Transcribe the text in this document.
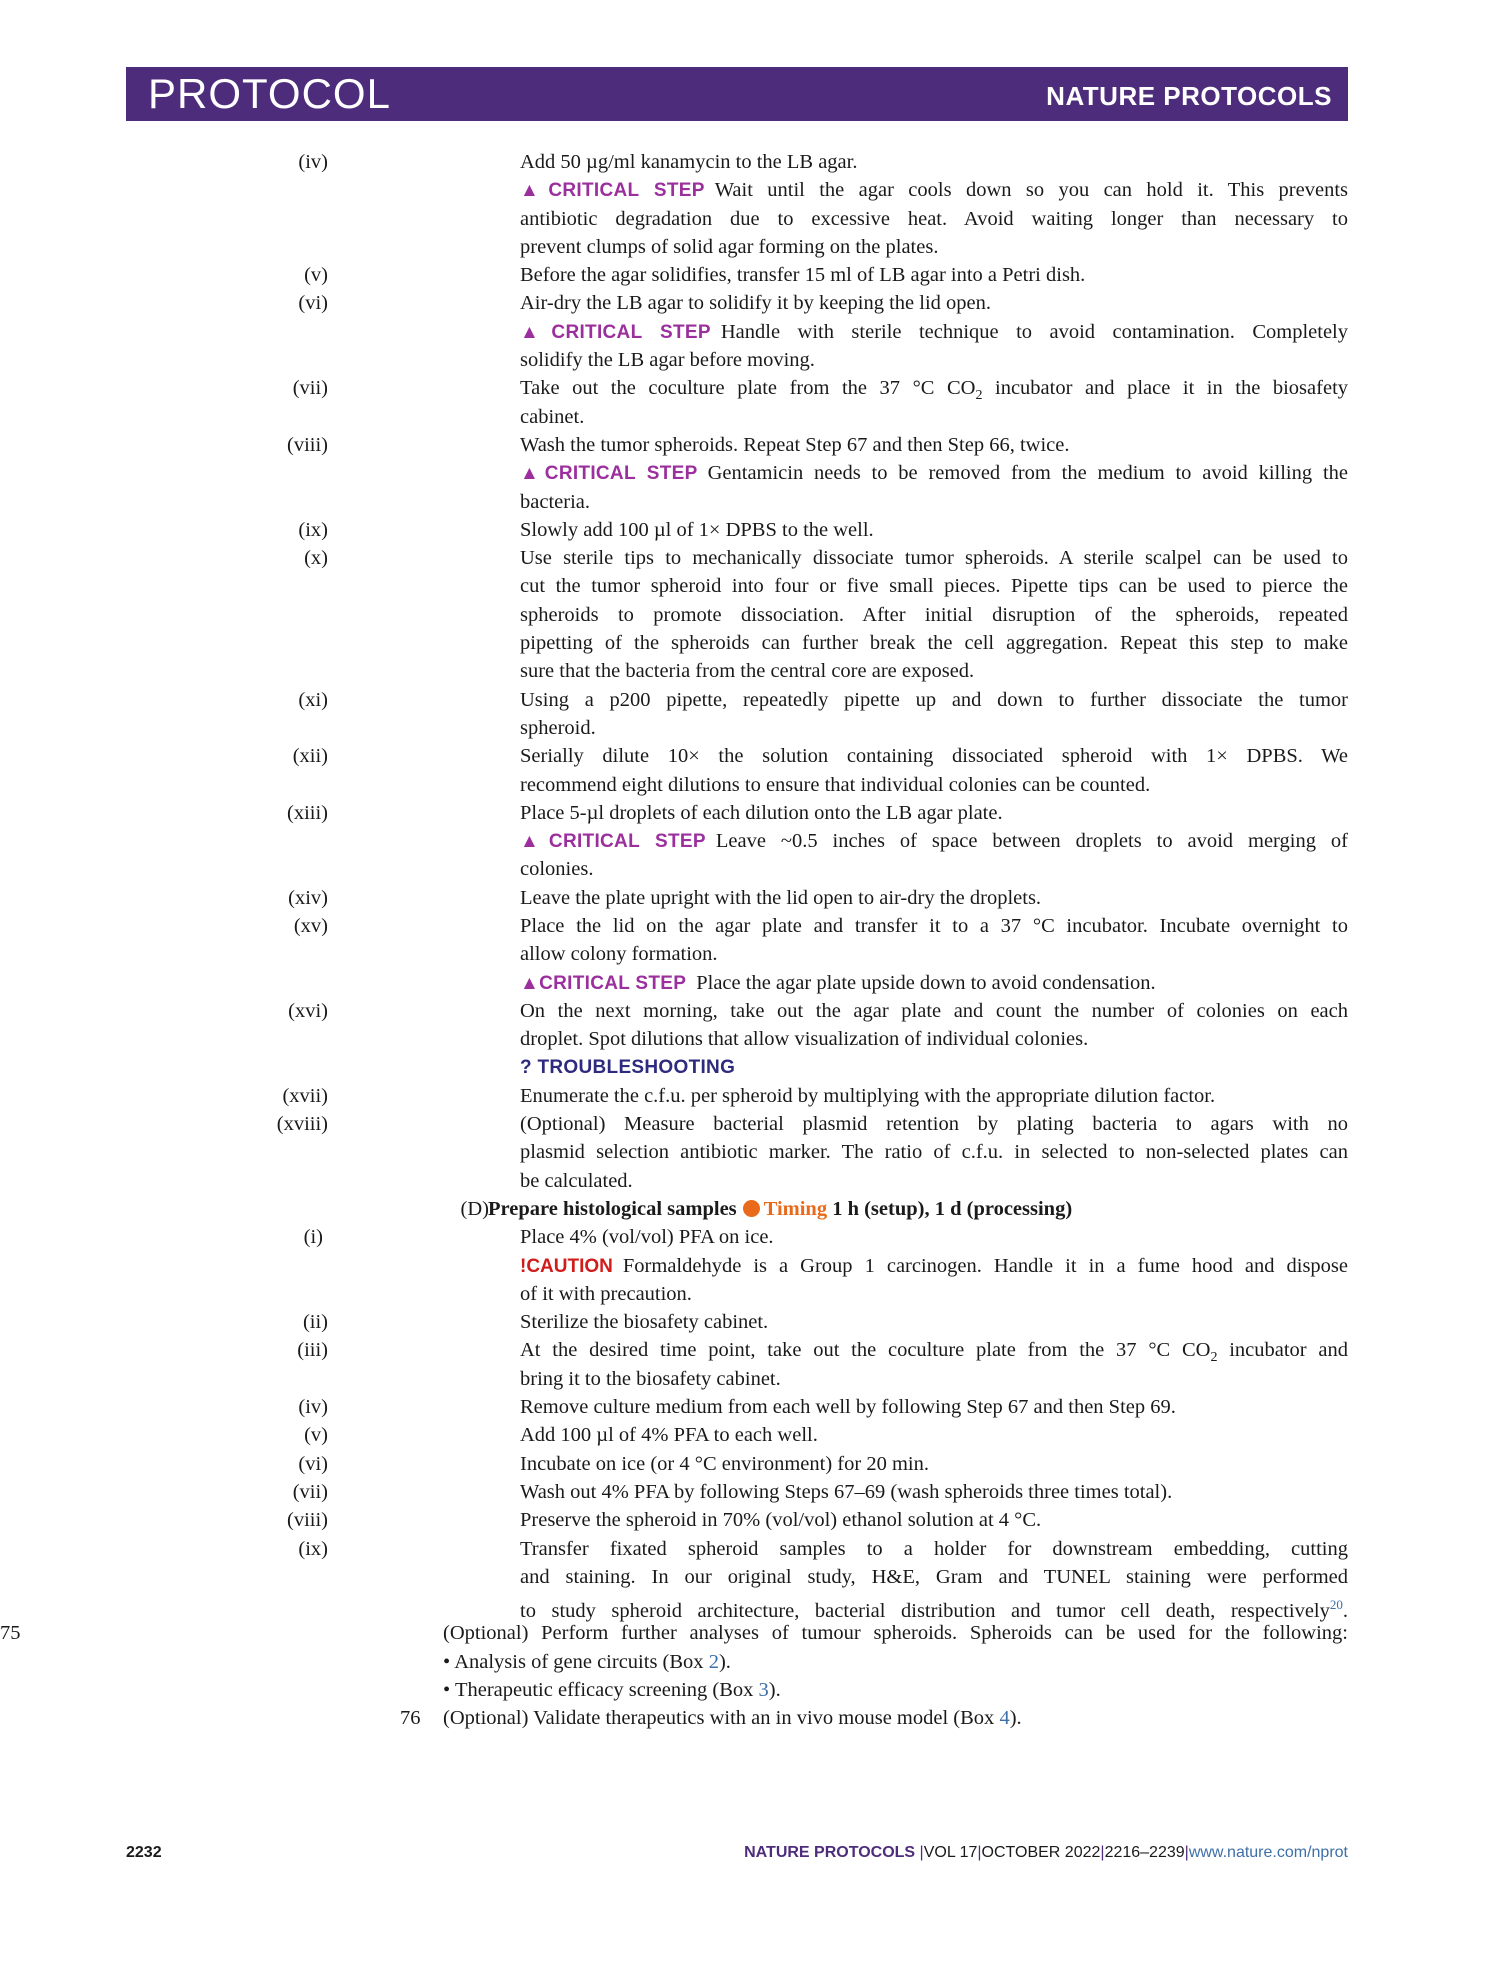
PROTOCOL	NATURE PROTOCOLS
(iv)	Add 50 µg/ml kanamycin to the LB agar.
▲CRITICAL STEP Wait until the agar cools down so you can hold it. This prevents
antibiotic degradation due to excessive heat. Avoid waiting longer than necessary to
prevent clumps of solid agar forming on the plates.
(v)	Before the agar solidifies, transfer 15 ml of LB agar into a Petri dish.
(vi)	Air-dry the LB agar to solidify it by keeping the lid open.
▲CRITICAL STEP Handle with sterile technique to avoid contamination. Completely
solidify the LB agar before moving.
(vii)	Take out the coculture plate from the 37 °C $CO_2$ incubator and place it in the biosafety
cabinet.
(viii)	Wash the tumor spheroids. Repeat Step 67 and then Step 66, twice.
▲CRITICAL STEP Gentamicin needs to be removed from the medium to avoid killing the
bacteria.
(ix)	Slowly add 100 µl of 1× DPBS to the well.
(x)	Use sterile tips to mechanically dissociate tumor spheroids. A sterile scalpel can be used to
cut the tumor spheroid into four or five small pieces. Pipette tips can be used to pierce the
spheroids to promote dissociation. After initial disruption of the spheroids, repeated
pipetting of the spheroids can further break the cell aggregation. Repeat this step to make
sure that the bacteria from the central core are exposed.
(xi)	Using a p200 pipette, repeatedly pipette up and down to further dissociate the tumor
spheroid.
(xii)	Serially dilute 10× the solution containing dissociated spheroid with 1× DPBS. We
recommend eight dilutions to ensure that individual colonies can be counted.
(xiii)	Place 5-µl droplets of each dilution onto the LB agar plate.
▲CRITICAL STEP Leave ~0.5 inches of space between droplets to avoid merging of
colonies.
(xiv)	Leave the plate upright with the lid open to air-dry the droplets.
(xv)	Place the lid on the agar plate and transfer it to a 37 °C incubator. Incubate overnight to
allow colony formation.
▲CRITICAL STEP Place the agar plate upside down to avoid condensation.
(xvi)	On the next morning, take out the agar plate and count the number of colonies on each
droplet. Spot dilutions that allow visualization of individual colonies.
? TROUBLESHOOTING
(xvii)	Enumerate the c.f.u. per spheroid by multiplying with the appropriate dilution factor.
(xviii)	(Optional) Measure bacterial plasmid retention by plating bacteria to agars with no
plasmid selection antibiotic marker. The ratio of c.f.u. in selected to non-selected plates can
be calculated.
(D) Prepare histological samples Timing 1 h (setup), 1 d (processing)
(i)	Place 4% (vol/vol) PFA on ice.
!CAUTION Formaldehyde is a Group 1 carcinogen. Handle it in a fume hood and dispose
of it with precaution.
(ii)	Sterilize the biosafety cabinet.
(iii)	At the desired time point, take out the coculture plate from the 37 °C $CO_2$ incubator and
bring it to the biosafety cabinet.
(iv)	Remove culture medium from each well by following Step 67 and then Step 69.
(v)	Add 100 µl of 4% PFA to each well.
(vi)	Incubate on ice (or 4 °C environment) for 20 min.
(vii)	Wash out 4% PFA by following Steps 67–69 (wash spheroids three times total).
(viii)	Preserve the spheroid in 70% (vol/vol) ethanol solution at 4 °C.
(ix)	Transfer fixated spheroid samples to a holder for downstream embedding, cutting
and staining. In our original study, H&E, Gram and TUNEL staining were performed
to study spheroid architecture, bacterial distribution and tumor cell death, respectively$^{20}$.
75	(Optional) Perform further analyses of tumour spheroids. Spheroids can be used for the following:
• Analysis of gene circuits (Box 2).
• Therapeutic efficacy screening (Box 3).
76 (Optional) Validate therapeutics with an in vivo mouse model (Box 4).
2232	NATURE PROTOCOLS |VOL 17|OCTOBER 2022|2216–2239|www.nature.com/nprot
